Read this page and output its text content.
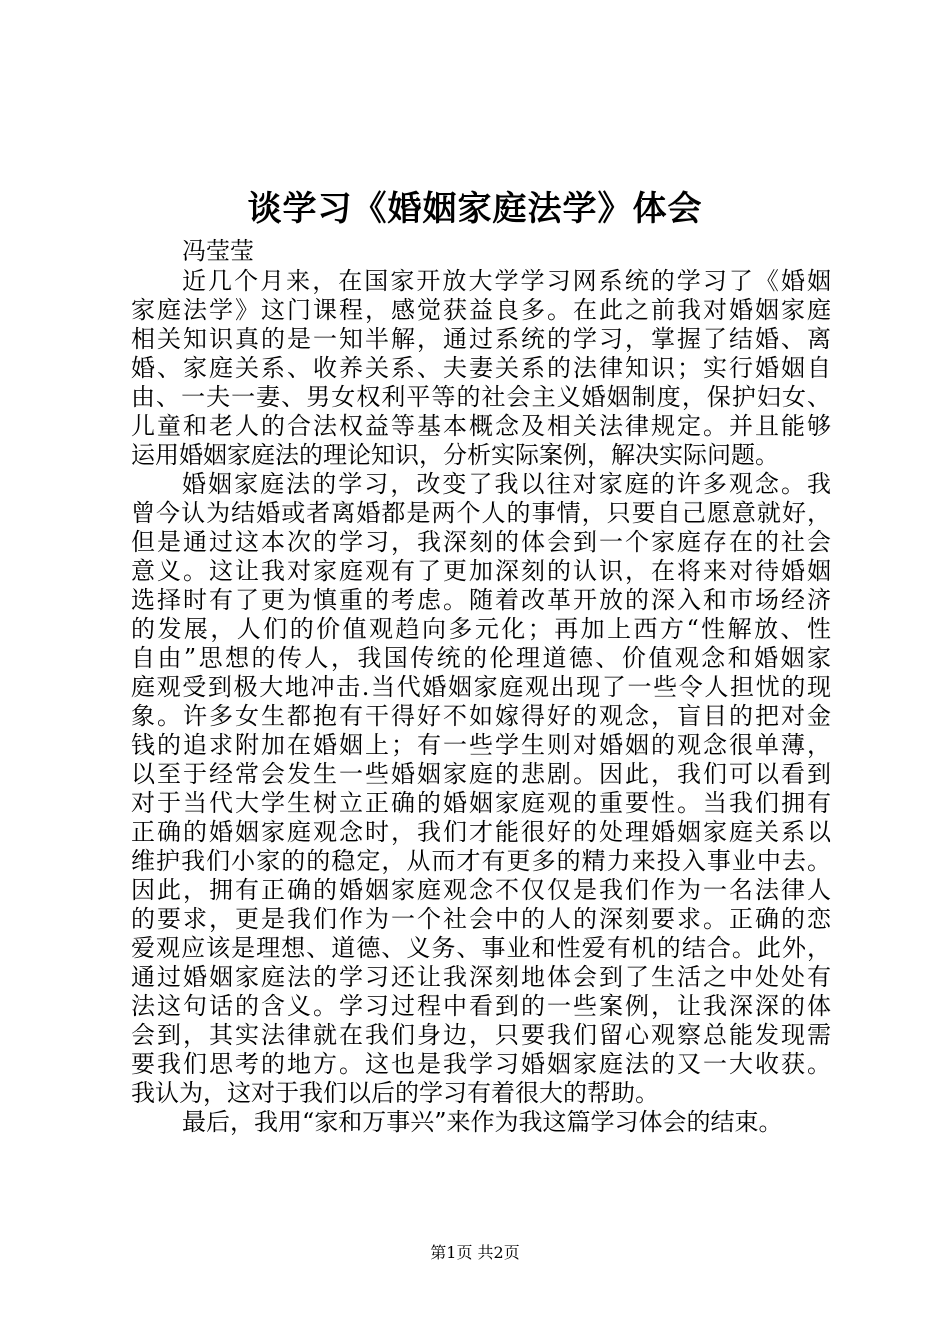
谈学习《婚姻家庭法学》体会
冯莹莹
近几个月来，在国家开放大学学习网系统的学习了《婚姻
家庭法学》这门课程，感觉获益良多。在此之前我对婚姻家庭
相关知识真的是一知半解，通过系统的学习，掌握了结婚、离
婚、家庭关系、收养关系、夫妻关系的法律知识；实行婚姻自
由、一夫一妻、男女权利平等的社会主义婚姻制度，保护妇女、
儿童和老人的合法权益等基本概念及相关法律规定。并且能够
运用婚姻家庭法的理论知识，分析实际案例，解决实际问题。
婚姻家庭法的学习，改变了我以往对家庭的许多观念。我
曾今认为结婚或者离婚都是两个人的事情，只要自己愿意就好，
但是通过这本次的学习，我深刻的体会到一个家庭存在的社会
意义。这让我对家庭观有了更加深刻的认识，在将来对待婚姻
选择时有了更为慎重的考虑。随着改革开放的深入和市场经济
的发展，人们的价值观趋向多元化；再加上西方“性解放、性
自由”思想的传人，我国传统的伦理道德、价值观念和婚姻家
庭观受到极大地冲击.当代婚姻家庭观出现了一些令人担忧的现
象。许多女生都抱有干得好不如嫁得好的观念，盲目的把对金
钱的追求附加在婚姻上；有一些学生则对婚姻的观念很单薄，
以至于经常会发生一些婚姻家庭的悲剧。因此，我们可以看到
对于当代大学生树立正确的婚姻家庭观的重要性。当我们拥有
正确的婚姻家庭观念时，我们才能很好的处理婚姻家庭关系以
维护我们小家的的稳定，从而才有更多的精力来投入事业中去。
因此，拥有正确的婚姻家庭观念不仅仅是我们作为一名法律人
的要求，更是我们作为一个社会中的人的深刻要求。正确的恋
爱观应该是理想、道德、义务、事业和性爱有机的结合。此外，
通过婚姻家庭法的学习还让我深刻地体会到了生活之中处处有
法这句话的含义。学习过程中看到的一些案例，让我深深的体
会到，其实法律就在我们身边，只要我们留心观察总能发现需
要我们思考的地方。这也是我学习婚姻家庭法的又一大收获。
我认为，这对于我们以后的学习有着很大的帮助。
最后，我用“家和万事兴”来作为我这篇学习体会的结束。
第1页 共2页
